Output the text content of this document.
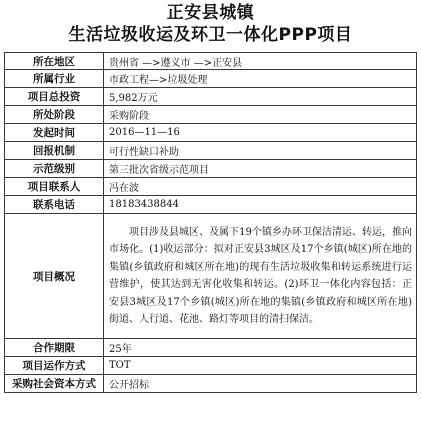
正安县城镇
生活垃圾收运及环卫一体化PPP项目
所在地区	贵州省 —>遵义市 —>正安县
所属行业	市政工程—>垃圾处理
项目总投资	5,982万元
所处阶段	采购阶段
发起时间	2016—11—16
回报机制	可行性缺口补助
示范级别	第三批次省级示范项目
项目联系人	冯在波
联系电话	18183438844
项目概况	项目涉及县城区、及属下19个镇乡办环卫保洁清运、转运，推向市场化。(1)收运部分：拟对正安县3城区及17个乡镇(城区)所在地的集镇(乡镇政府和城区所在地)的现有生活垃圾收集和转运系统进行运营维护，使其达到无害化收集和转运。(2)环卫一体化内容包括：正安县3城区及17个乡镇(城区)所在地的集镇(乡镇政府和城区所在地)街道、人行道、花池、路灯等项目的清扫保洁。

合作期限	25年
项目运作方式	TOT
采购社会资本方式	公开招标
